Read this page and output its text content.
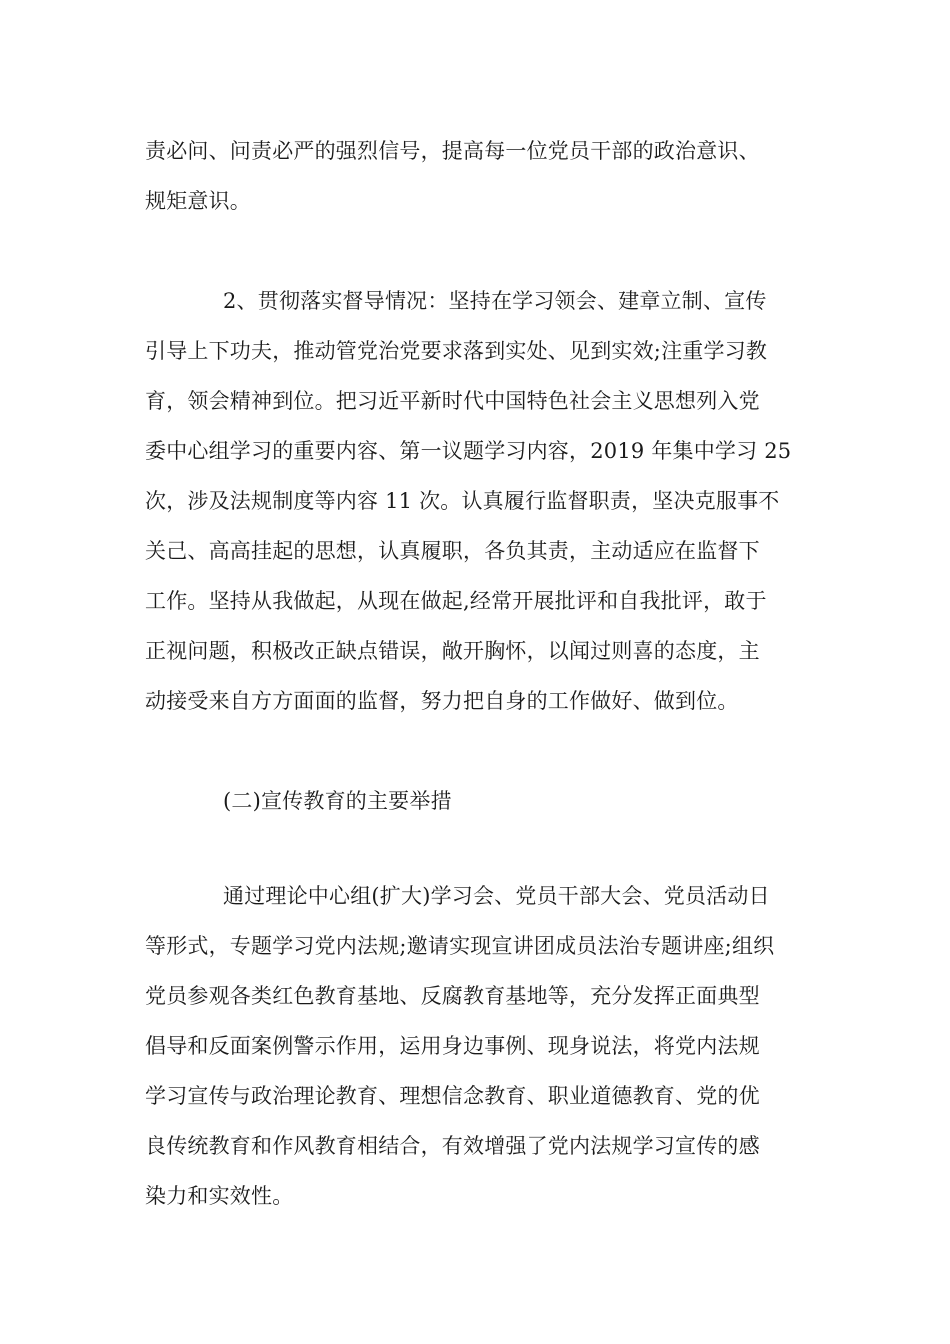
责必问、问责必严的强烈信号，提高每一位党员干部的政治意识、
规矩意识。
2、贯彻落实督导情况：坚持在学习领会、建章立制、宣传
引导上下功夫，推动管党治党要求落到实处、见到实效;注重学习教
育，领会精神到位。把习近平新时代中国特色社会主义思想列入党
委中心组学习的重要内容、第一议题学习内容，2019 年集中学习 25
次，涉及法规制度等内容 11 次。认真履行监督职责，坚决克服事不
关己、高高挂起的思想，认真履职，各负其责，主动适应在监督下
工作。坚持从我做起，从现在做起,经常开展批评和自我批评，敢于
正视问题，积极改正缺点错误，敞开胸怀，以闻过则喜的态度，主
动接受来自方方面面的监督，努力把自身的工作做好、做到位。
(二)宣传教育的主要举措
通过理论中心组(扩大)学习会、党员干部大会、党员活动日
等形式，专题学习党内法规;邀请实现宣讲团成员法治专题讲座;组织
党员参观各类红色教育基地、反腐教育基地等，充分发挥正面典型
倡导和反面案例警示作用，运用身边事例、现身说法，将党内法规
学习宣传与政治理论教育、理想信念教育、职业道德教育、党的优
良传统教育和作风教育相结合，有效增强了党内法规学习宣传的感
染力和实效性。
